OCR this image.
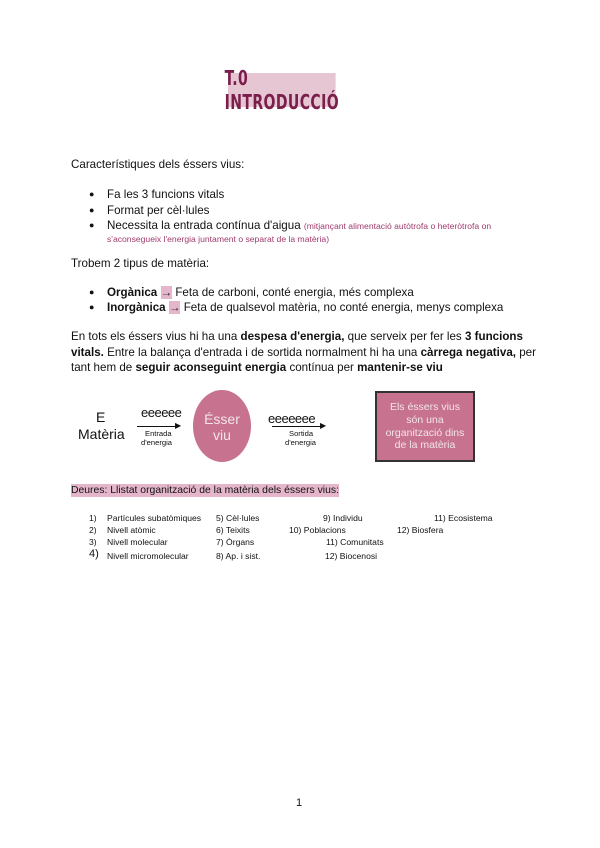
T.0 INTRODUCCIÓ
Característiques dels éssers vius:
● Fa les 3 funcions vitals
● Format per cèl·lules
● Necessita la entrada contínua d'aigua (mitjançant alimentació autòtrofa o heteròtrofa on
s'aconsegueix l'energia juntament o separat de la matèria)
Trobem 2 tipus de matèria:
● Orgànica → Feta de carboni, conté energia, més complexa
● Inorgànica → Feta de qualsevol matèria, no conté energia, menys complexa
En tots els éssers vius hi ha una despesa d'energia, que serveix per fer les 3 funcions
vitals. Entre la balança d'entrada i de sortida normalment hi ha una càrrega negativa, per
tant hem de seguir aconseguint energia contínua per mantenir-se viu
E
Matèria
eeeeee
▶
Entrada
d'energia
Ésser
viu
eeeeeee ▶
Sortida
d'energia
Els éssers vius
són una
organització dins
de la matèria
Deures: Llistat organització de la matèria dels éssers vius:
1) Partícules subatòmiques
2) Nivell atòmic
3) Nivell molecular
4) Nivell micromolecular
5) Cèl·lules
6) Teixits
7) Òrgans
8) Ap. i sist.
9) Individu
10) Poblacions
11) Comunitats
12) Biocenosi
11) Ecosistema
12) Biosfera
1
